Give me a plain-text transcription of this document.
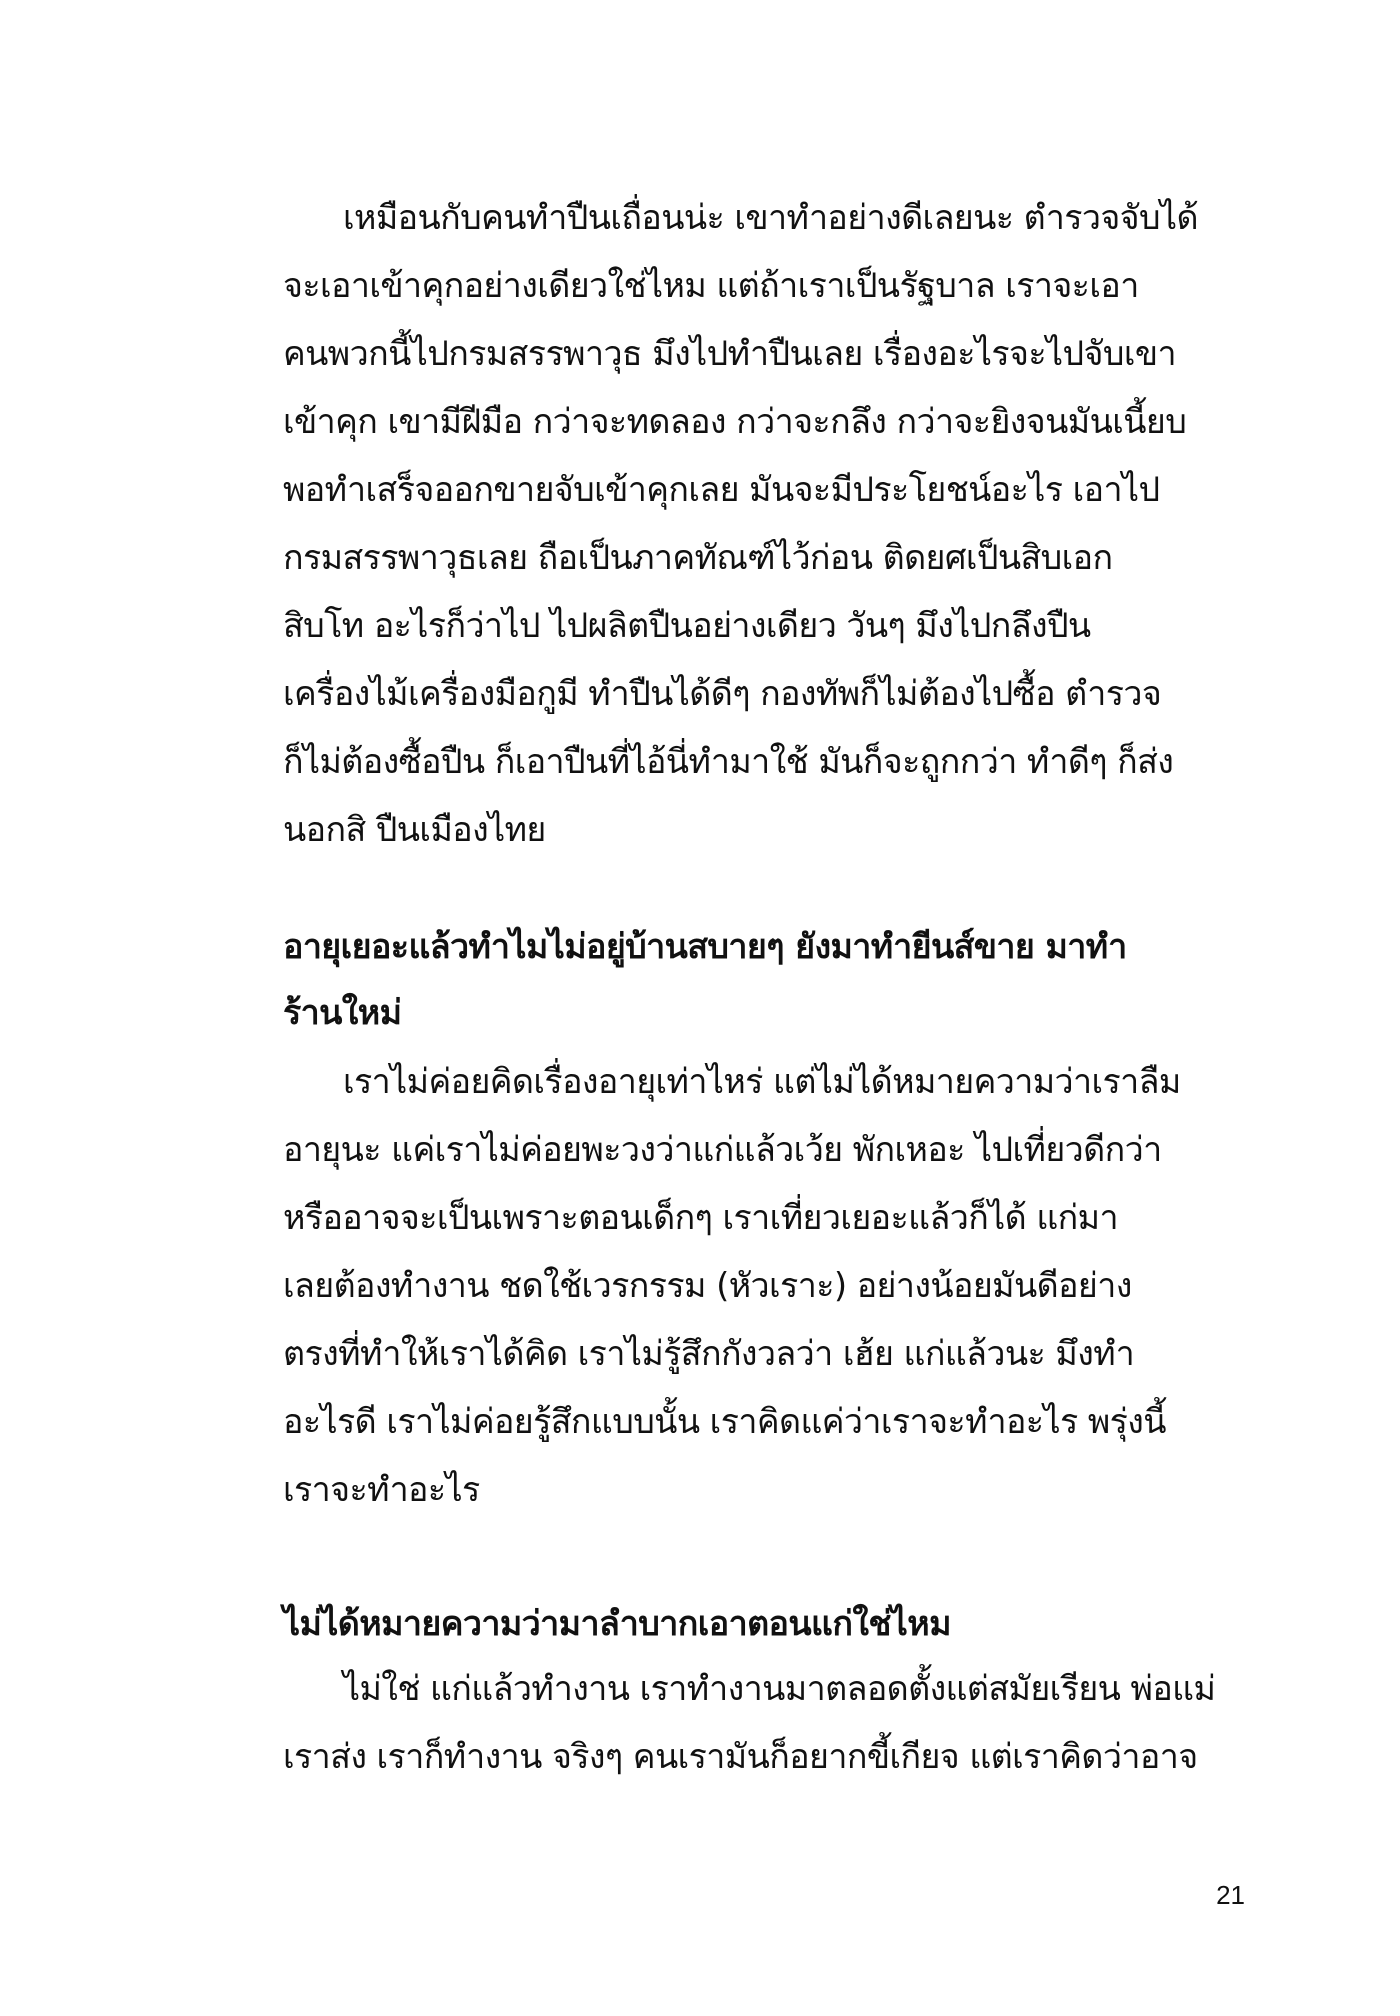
เหมือนกับคนทำปืนเถื่อนน่ะ เขาทำอย่างดีเลยนะ ตำรวจจับได้
จะเอาเข้าคุกอย่างเดียวใช่ไหม แต่ถ้าเราเป็นรัฐบาล เราจะเอา
คนพวกนี้ไปกรมสรรพาวุธ มึงไปทำปืนเลย เรื่องอะไรจะไปจับเขา
เข้าคุก เขามีฝีมือ กว่าจะทดลอง กว่าจะกลึง กว่าจะยิงจนมันเนี้ยบ
พอทำเสร็จออกขายจับเข้าคุกเลย มันจะมีประโยชน์อะไร เอาไป
กรมสรรพาวุธเลย ถือเป็นภาคทัณฑ์ไว้ก่อน ติดยศเป็นสิบเอก
สิบโท อะไรก็ว่าไป ไปผลิตปืนอย่างเดียว วันๆ มึงไปกลึงปืน
เครื่องไม้เครื่องมือกูมี ทำปืนได้ดีๆ กองทัพก็ไม่ต้องไปซื้อ ตำรวจ
ก็ไม่ต้องซื้อปืน ก็เอาปืนที่ไอ้นี่ทำมาใช้ มันก็จะถูกกว่า ทำดีๆ ก็ส่ง
นอกสิ ปืนเมืองไทย
อายุเยอะแล้วทำไมไม่อยู่บ้านสบายๆ ยังมาทำยีนส์ขาย มาทำ
ร้านใหม่
เราไม่ค่อยคิดเรื่องอายุเท่าไหร่ แต่ไม่ได้หมายความว่าเราลืม
อายุนะ แค่เราไม่ค่อยพะวงว่าแก่แล้วเว้ย พักเหอะ ไปเที่ยวดีกว่า
หรืออาจจะเป็นเพราะตอนเด็กๆ เราเที่ยวเยอะแล้วก็ได้ แก่มา
เลยต้องทำงาน ชดใช้เวรกรรม (หัวเราะ) อย่างน้อยมันดีอย่าง
ตรงที่ทำให้เราได้คิด เราไม่รู้สึกกังวลว่า เฮ้ย แก่แล้วนะ มึงทำ
อะไรดี เราไม่ค่อยรู้สึกแบบนั้น เราคิดแค่ว่าเราจะทำอะไร พรุ่งนี้
เราจะทำอะไร
ไม่ได้หมายความว่ามาลำบากเอาตอนแก่ใช่ไหม
ไม่ใช่ แก่แล้วทำงาน เราทำงานมาตลอดตั้งแต่สมัยเรียน พ่อแม่
เราส่ง เราก็ทำงาน จริงๆ คนเรามันก็อยากขี้เกียจ แต่เราคิดว่าอาจ
21
